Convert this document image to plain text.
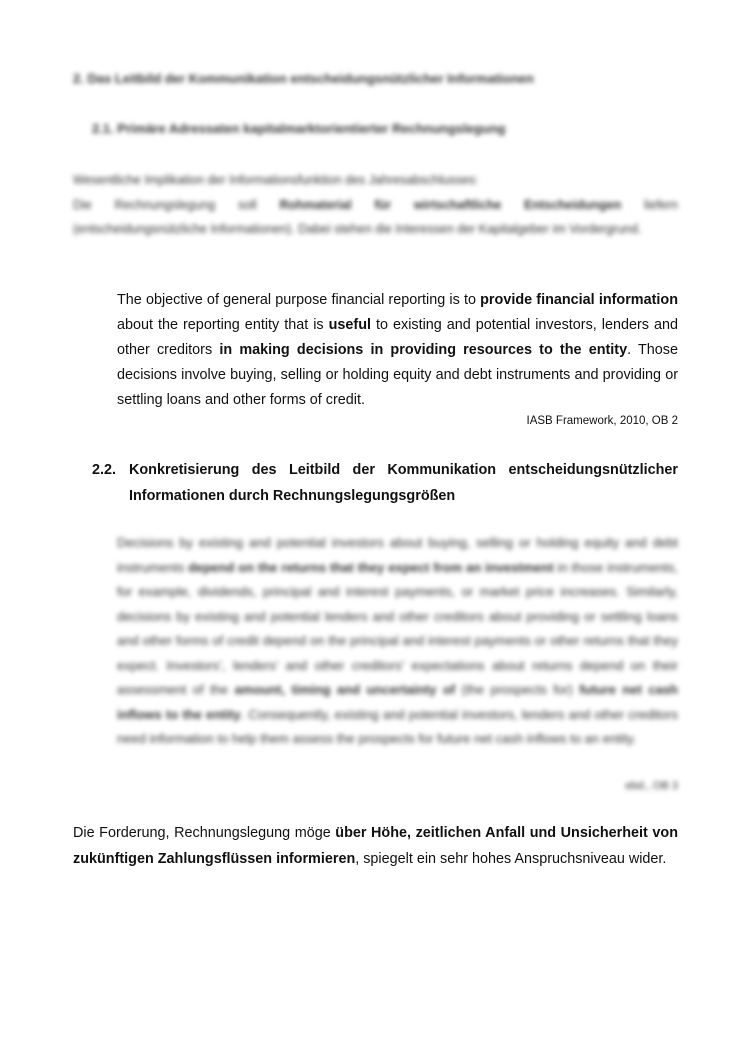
2. Das Leitbild der Kommunikation entscheidungsnützlicher Informationen
2.1. Primäre Adressaten kapitalmarktorientierter Rechnungslegung

Wesentliche Implikation der Informationsfunktion des Jahresabschlusses:

Die Rechnungslegung soll Rohmaterial für wirtschaftliche Entscheidungen liefern (entscheidungsnützliche Informationen). Dabei stehen die Interessen der Kapitalgeber im Vordergrund.

The objective of general purpose financial reporting is to provide financial information about the reporting entity that is useful to existing and potential investors, lenders and other creditors in making decisions in providing resources to the entity. Those decisions involve buying, selling or holding equity and debt instruments and providing or settling loans and other forms of credit.
IASB Framework, 2010, OB 2
2.2. Konkretisierung des Leitbild der Kommunikation entscheidungsnützlicher Informationen durch Rechnungslegungsgrößen
Decisions by existing and potential investors about buying, selling or holding equity and debt instruments depend on the returns that they expect from an investment in those instruments, for example, dividends, principal and interest payments, or market price increases. Similarly, decisions by existing and potential lenders and other creditors about providing or settling loans and other forms of credit depend on the principal and interest payments or other returns that they expect. Investors’, lenders’ and other creditors’ expectations about returns depend on their assessment of the amount, timing and uncertainty of (the prospects for) future net cash inflows to the entity. Consequently, existing and potential investors, lenders and other creditors need information to help them assess the prospects for future net cash inflows to an entity.
ebd., OB 3
Die Forderung, Rechnungslegung möge über Höhe, zeitlichen Anfall und Unsicherheit von zukünftigen Zahlungsflüssen informieren, spiegelt ein sehr hohes Anspruchsniveau wider.
